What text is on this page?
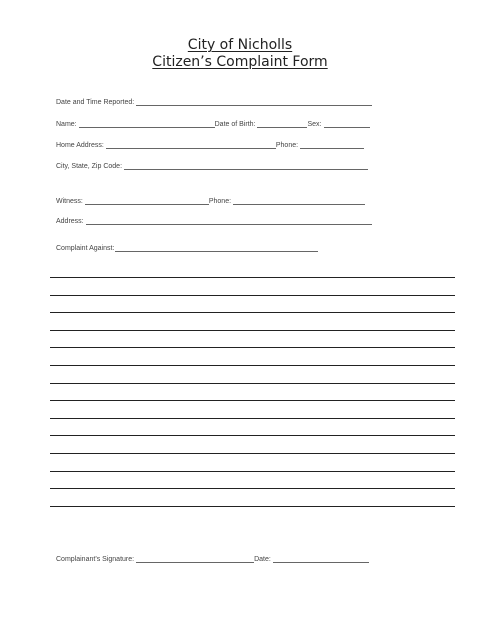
City of Nicholls
Citizen’s Complaint Form
Date and Time Reported:
Name:	Date of Birth:	Sex:
Home Address:	Phone:
City, State, Zip Code:
Witness:	Phone:
Address:
Complaint Against:
Complainant’s Signature:	Date:
